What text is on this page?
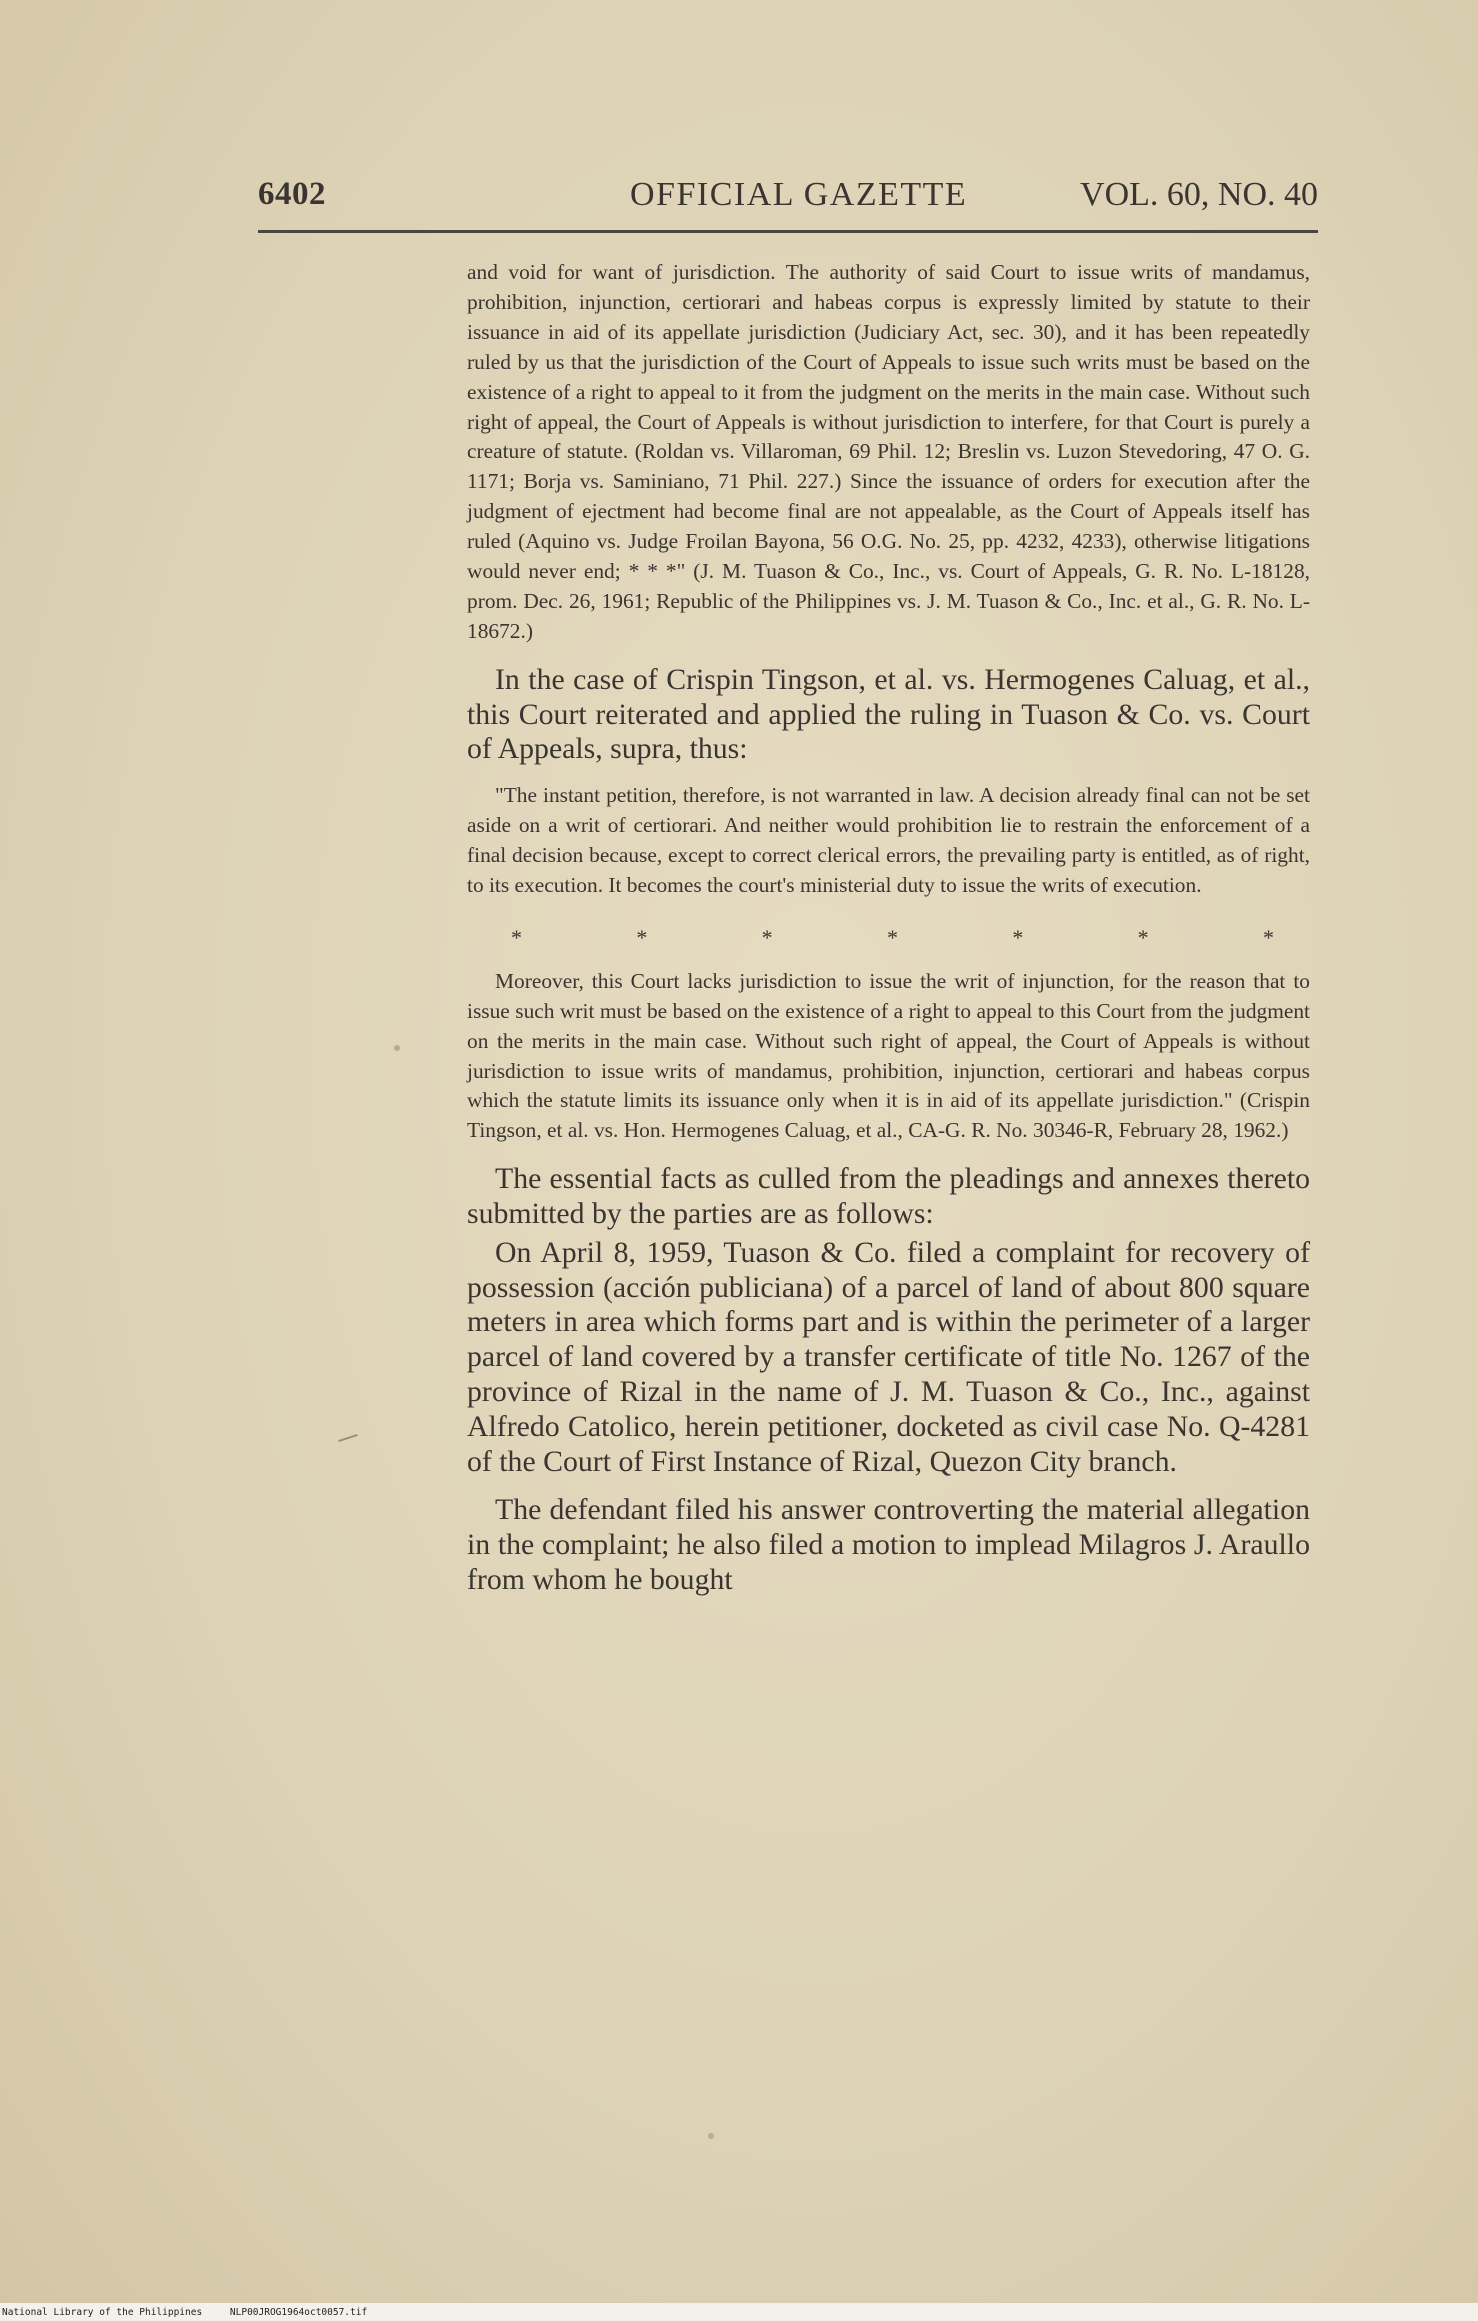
6402	OFFICIAL GAZETTE	VOL. 60, NO. 40

and void for want of jurisdiction. The authority of said Court to issue writs of mandamus, prohibition, injunction, certiorari and habeas corpus is expressly limited by statute to their issuance in aid of its appellate jurisdiction (Judiciary Act, sec. 30), and it has been repeatedly ruled by us that the jurisdiction of the Court of Appeals to issue such writs must be based on the existence of a right to appeal to it from the judgment on the merits in the main case. Without such right of appeal, the Court of Appeals is without jurisdiction to interfere, for that Court is purely a creature of statute. (Roldan vs. Villaroman, 69 Phil. 12; Breslin vs. Luzon Stevedoring, 47 O. G. 1171; Borja vs. Saminiano, 71 Phil. 227.) Since the issuance of orders for execution after the judgment of ejectment had become final are not appealable, as the Court of Appeals itself has ruled (Aquino vs. Judge Froilan Bayona, 56 O.G. No. 25, pp. 4232, 4233), otherwise litigations would never end; * * *" (J. M. Tuason & Co., Inc., vs. Court of Appeals, G. R. No. L-18128, prom. Dec. 26, 1961; Republic of the Philippines vs. J. M. Tuason & Co., Inc. et al., G. R. No. L-18672.)

In the case of Crispin Tingson, et al. vs. Hermogenes Caluag, et al., this Court reiterated and applied the ruling in Tuason & Co. vs. Court of Appeals, supra, thus:

"The instant petition, therefore, is not warranted in law. A decision already final can not be set aside on a writ of certiorari. And neither would prohibition lie to restrain the enforcement of a final decision because, except to correct clerical errors, the prevailing party is entitled, as of right, to its execution. It becomes the court's ministerial duty to issue the writs of execution.

*	*	*	*	*	*	*

Moreover, this Court lacks jurisdiction to issue the writ of injunction, for the reason that to issue such writ must be based on the existence of a right to appeal to this Court from the judgment on the merits in the main case. Without such right of appeal, the Court of Appeals is without jurisdiction to issue writs of mandamus, prohibition, injunction, certiorari and habeas corpus which the statute limits its issuance only when it is in aid of its appellate jurisdiction." (Crispin Tingson, et al. vs. Hon. Hermogenes Caluag, et al., CA-G. R. No. 30346-R, February 28, 1962.)

The essential facts as culled from the pleadings and annexes thereto submitted by the parties are as follows:

On April 8, 1959, Tuason & Co. filed a complaint for recovery of possession (acción publiciana) of a parcel of land of about 800 square meters in area which forms part and is within the perimeter of a larger parcel of land covered by a transfer certificate of title No. 1267 of the province of Rizal in the name of J. M. Tuason & Co., Inc., against Alfredo Catolico, herein petitioner, docketed as civil case No. Q-4281 of the Court of First Instance of Rizal, Quezon City branch.

The defendant filed his answer controverting the material allegation in the complaint; he also filed a motion to implead Milagros J. Araullo from whom he bought

National Library of the Philippines	NLP00JROG1964oct0057.tif
